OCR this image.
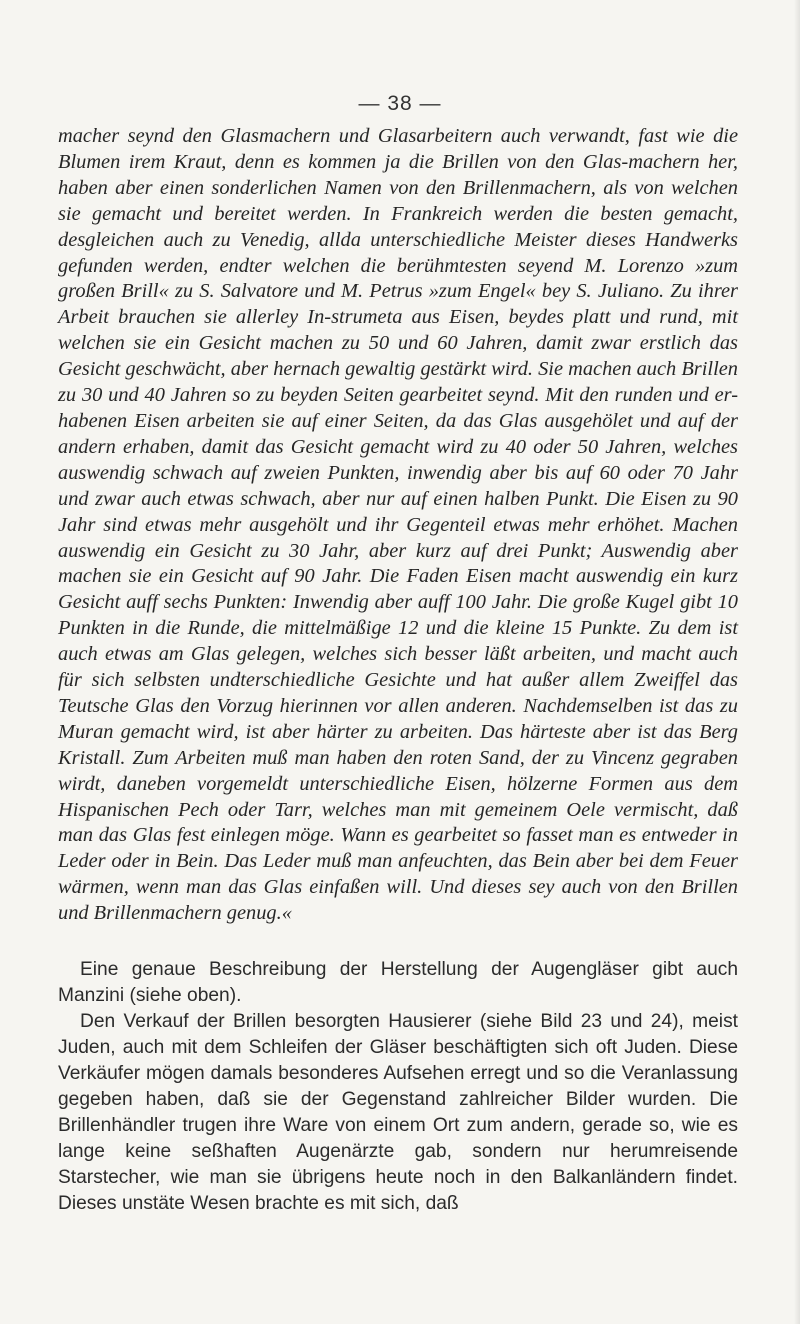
— 38 —

macher seynd den Glasmachern und Glasarbeitern auch verwandt, fast wie die Blumen irem Kraut, denn es kommen ja die Brillen von den Glas-machern her, haben aber einen sonderlichen Namen von den Brillenmachern, als von welchen sie gemacht und bereitet werden. In Frankreich werden die besten gemacht, desgleichen auch zu Venedig, allda unterschiedliche Meister dieses Handwerks gefunden werden, endter welchen die berühmtesten seyend M. Lorenzo »zum großen Brill« zu S. Salvatore und M. Petrus »zum Engel« bey S. Juliano. Zu ihrer Arbeit brauchen sie allerley In-strumeta aus Eisen, beydes platt und rund, mit welchen sie ein Gesicht machen zu 50 und 60 Jahren, damit zwar erstlich das Gesicht geschwächt, aber hernach gewaltig gestärkt wird. Sie machen auch Brillen zu 30 und 40 Jahren so zu beyden Seiten gearbeitet seynd. Mit den runden und er-habenen Eisen arbeiten sie auf einer Seiten, da das Glas ausgehölet und auf der andern erhaben, damit das Gesicht gemacht wird zu 40 oder 50 Jahren, welches auswendig schwach auf zweien Punkten, inwendig aber bis auf 60 oder 70 Jahr und zwar auch etwas schwach, aber nur auf einen halben Punkt. Die Eisen zu 90 Jahr sind etwas mehr ausgehölt und ihr Gegenteil etwas mehr erhöhet. Machen auswendig ein Gesicht zu 30 Jahr, aber kurz auf drei Punkt; Auswendig aber machen sie ein Gesicht auf 90 Jahr. Die Faden Eisen macht auswendig ein kurz Gesicht auff sechs Punkten: Inwendig aber auff 100 Jahr. Die große Kugel gibt 10 Punkten in die Runde, die mittelmäßige 12 und die kleine 15 Punkte. Zu dem ist auch etwas am Glas gelegen, welches sich besser läßt arbeiten, und macht auch für sich selbsten undterschiedliche Gesichte und hat außer allem Zweiffel das Teutsche Glas den Vorzug hierinnen vor allen anderen. Nachdemselben ist das zu Muran gemacht wird, ist aber härter zu arbeiten. Das härteste aber ist das Berg Kristall. Zum Arbeiten muß man haben den roten Sand, der zu Vincenz gegraben wirdt, daneben vorgemeldt unterschiedliche Eisen, hölzerne Formen aus dem Hispanischen Pech oder Tarr, welches man mit gemeinem Oele vermischt, daß man das Glas fest einlegen möge. Wann es gearbeitet so fasset man es entweder in Leder oder in Bein. Das Leder muß man anfeuchten, das Bein aber bei dem Feuer wärmen, wenn man das Glas einfaßen will. Und dieses sey auch von den Brillen und Brillenmachern genug.«

Eine genaue Beschreibung der Herstellung der Augengläser gibt auch Manzini (siehe oben).

Den Verkauf der Brillen besorgten Hausierer (siehe Bild 23 und 24), meist Juden, auch mit dem Schleifen der Gläser beschäftigten sich oft Juden. Diese Verkäufer mögen damals besonderes Aufsehen erregt und so die Veranlassung gegeben haben, daß sie der Gegenstand zahlreicher Bilder wurden. Die Brillenhändler trugen ihre Ware von einem Ort zum andern, gerade so, wie es lange keine seßhaften Augenärzte gab, sondern nur herumreisende Starstecher, wie man sie übrigens heute noch in den Balkanländern findet. Dieses unstäte Wesen brachte es mit sich, daß
